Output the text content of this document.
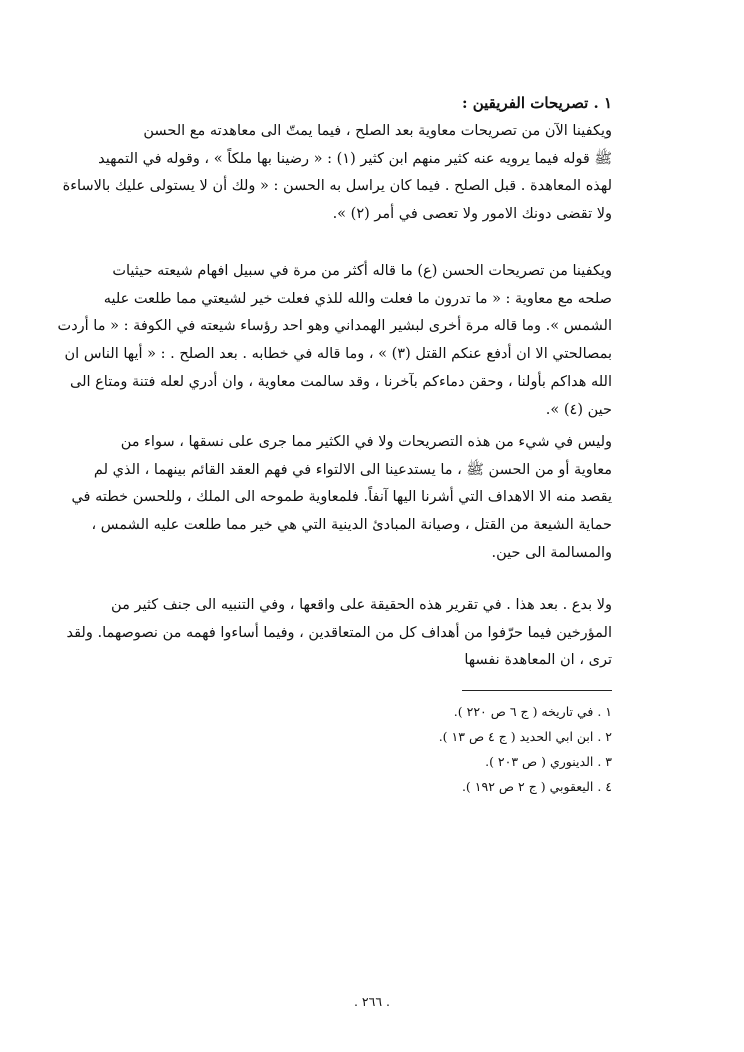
١ . تصريحات الفريقين :
ويكفينا الآن من تصريحات معاوية بعد الصلح ، فيما يمتّ الى معاهدته مع الحسن
ﷺ قوله فيما يرويه عنه كثير منهم ابن كثير (١) : « رضينا بها ملكاً » ، وقوله في التمهيد
لهذه المعاهدة . قبل الصلح . فيما كان يراسل به الحسن : « ولك أن لا يستولى عليك بالاساءة
ولا تقضى دونك الامور ولا تعصى في أمر (٢) ».
ويكفينا من تصريحات الحسن (ع) ما قاله أكثر من مرة في سبيل افهام شيعته حيثيات
صلحه مع معاوية : « ما تدرون ما فعلت والله للذي فعلت خير لشيعتي مما طلعت عليه
الشمس ». وما قاله مرة أخرى لبشير الهمداني وهو احد رؤساء شيعته في الكوفة : « ما أردت
بمصالحتي الا ان أدفع عنكم القتل (٣) » ، وما قاله في خطابه . بعد الصلح . : « أيها الناس ان
الله هداكم بأولنا ، وحقن دماءكم بآخرنا ، وقد سالمت معاوية ، وان أدري لعله فتنة ومتاع الى
حين (٤) ».
وليس في شيء من هذه التصريحات ولا في الكثير مما جرى على نسقها ، سواء من
معاوية أو من الحسن ﷺ ، ما يستدعينا الى الالتواء في فهم العقد القائم بينهما ، الذي لم
يقصد منه الا الاهداف التي أشرنا اليها آنفاً. فلمعاوية طموحه الى الملك ، وللحسن خطته في
حماية الشيعة من القتل ، وصيانة المبادئ الدينية التي هي خير مما طلعت عليه الشمس ،
والمسالمة الى حين.
ولا بدع . بعد هذا . في تقرير هذه الحقيقة على واقعها ، وفي التنبيه الى جنف كثير من
المؤرخين فيما حرّفوا من أهداف كل من المتعاقدين ، وفيما أساءوا فهمه من نصوصهما. ولقد
ترى ، ان المعاهدة نفسها
١ . في تاريخه ( ج ٦ ص ٢٢٠ ).
٢ . ابن ابي الحديد ( ج ٤ ص ١٣ ).
٣ . الدينوري ( ص ٢٠٣ ).
٤ . اليعقوبي ( ج ٢ ص ١٩٢ ).
. ٢٦٦ .
